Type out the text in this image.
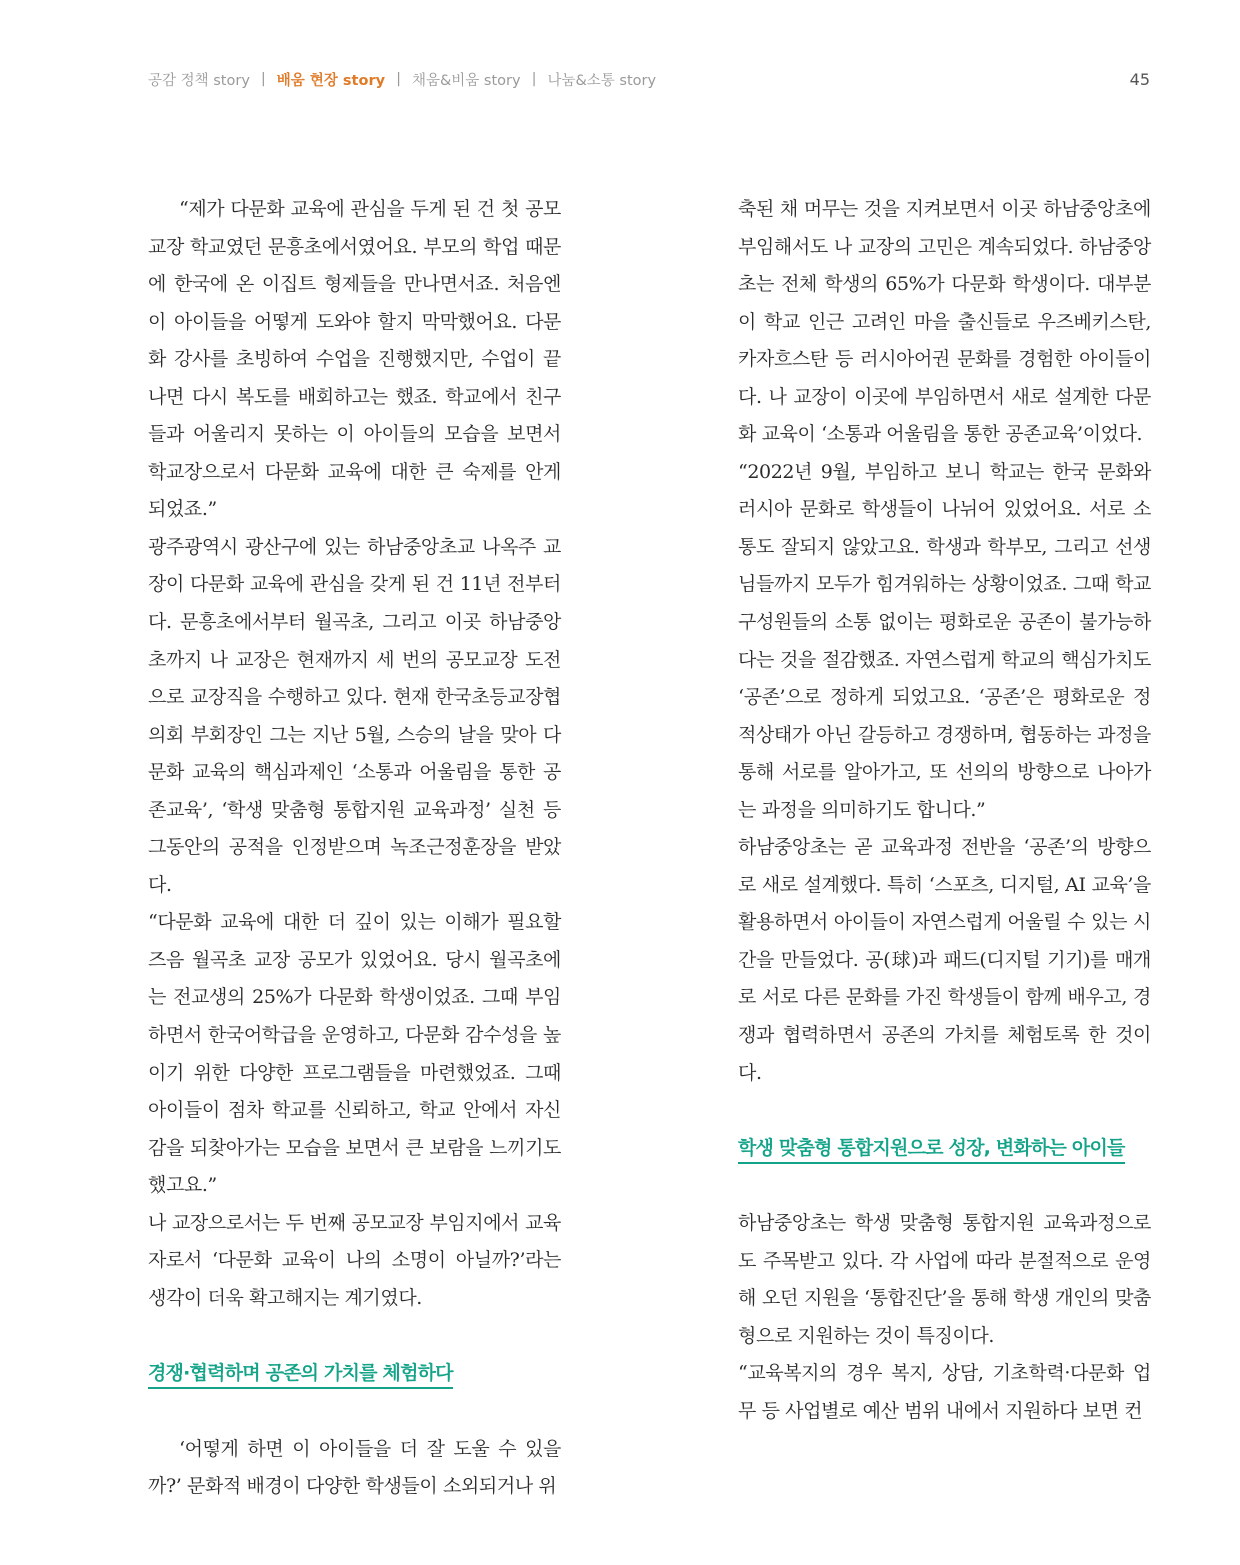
공감 정책 story | 배움 현장 story | 채움&비움 story | 나눔&소통 story	45

“제가 다문화 교육에 관심을 두게 된 건 첫 공모교장 학교였던 문흥초에서였어요. 부모의 학업 때문에 한국에 온 이집트 형제들을 만나면서죠. 처음엔 이 아이들을 어떻게 도와야 할지 막막했어요. 다문화 강사를 초빙하여 수업을 진행했지만, 수업이 끝나면 다시 복도를 배회하고는 했죠. 학교에서 친구들과 어울리지 못하는 이 아이들의 모습을 보면서 학교장으로서 다문화 교육에 대한 큰 숙제를 안게 되었죠.”

광주광역시 광산구에 있는 하남중앙초교 나옥주 교장이 다문화 교육에 관심을 갖게 된 건 11년 전부터다. 문흥초에서부터 월곡초, 그리고 이곳 하남중앙초까지 나 교장은 현재까지 세 번의 공모교장 도전으로 교장직을 수행하고 있다. 현재 한국초등교장협의회 부회장인 그는 지난 5월, 스승의 날을 맞아 다문화 교육의 핵심과제인 ‘소통과 어울림을 통한 공존교육’, ‘학생 맞춤형 통합지원 교육과정’ 실천 등 그동안의 공적을 인정받으며 녹조근정훈장을 받았다.

“다문화 교육에 대한 더 깊이 있는 이해가 필요할 즈음 월곡초 교장 공모가 있었어요. 당시 월곡초에는 전교생의 25%가 다문화 학생이었죠. 그때 부임하면서 한국어학급을 운영하고, 다문화 감수성을 높이기 위한 다양한 프로그램들을 마련했었죠. 그때 아이들이 점차 학교를 신뢰하고, 학교 안에서 자신감을 되찾아가는 모습을 보면서 큰 보람을 느끼기도 했고요.”

나 교장으로서는 두 번째 공모교장 부임지에서 교육자로서 ‘다문화 교육이 나의 소명이 아닐까?’라는 생각이 더욱 확고해지는 계기였다.

경쟁·협력하며 공존의 가치를 체험하다

‘어떻게 하면 이 아이들을 더 잘 도울 수 있을까?’ 문화적 배경이 다양한 학생들이 소외되거나 위

축된 채 머무는 것을 지켜보면서 이곳 하남중앙초에 부임해서도 나 교장의 고민은 계속되었다. 하남중앙초는 전체 학생의 65%가 다문화 학생이다. 대부분이 학교 인근 고려인 마을 출신들로 우즈베키스탄, 카자흐스탄 등 러시아어권 문화를 경험한 아이들이다. 나 교장이 이곳에 부임하면서 새로 설계한 다문화 교육이 ‘소통과 어울림을 통한 공존교육’이었다.

“2022년 9월, 부임하고 보니 학교는 한국 문화와 러시아 문화로 학생들이 나뉘어 있었어요. 서로 소통도 잘되지 않았고요. 학생과 학부모, 그리고 선생님들까지 모두가 힘겨워하는 상황이었죠. 그때 학교 구성원들의 소통 없이는 평화로운 공존이 불가능하다는 것을 절감했죠. 자연스럽게 학교의 핵심가치도 ‘공존’으로 정하게 되었고요. ‘공존’은 평화로운 정적상태가 아닌 갈등하고 경쟁하며, 협동하는 과정을 통해 서로를 알아가고, 또 선의의 방향으로 나아가는 과정을 의미하기도 합니다.”

하남중앙초는 곧 교육과정 전반을 ‘공존’의 방향으로 새로 설계했다. 특히 ‘스포츠, 디지털, AI 교육’을 활용하면서 아이들이 자연스럽게 어울릴 수 있는 시간을 만들었다. 공(球)과 패드(디지털 기기)를 매개로 서로 다른 문화를 가진 학생들이 함께 배우고, 경쟁과 협력하면서 공존의 가치를 체험토록 한 것이다.

학생 맞춤형 통합지원으로 성장, 변화하는 아이들

하남중앙초는 학생 맞춤형 통합지원 교육과정으로도 주목받고 있다. 각 사업에 따라 분절적으로 운영해 오던 지원을 ‘통합진단’을 통해 학생 개인의 맞춤형으로 지원하는 것이 특징이다.

“교육복지의 경우 복지, 상담, 기초학력·다문화 업무 등 사업별로 예산 범위 내에서 지원하다 보면 컨
